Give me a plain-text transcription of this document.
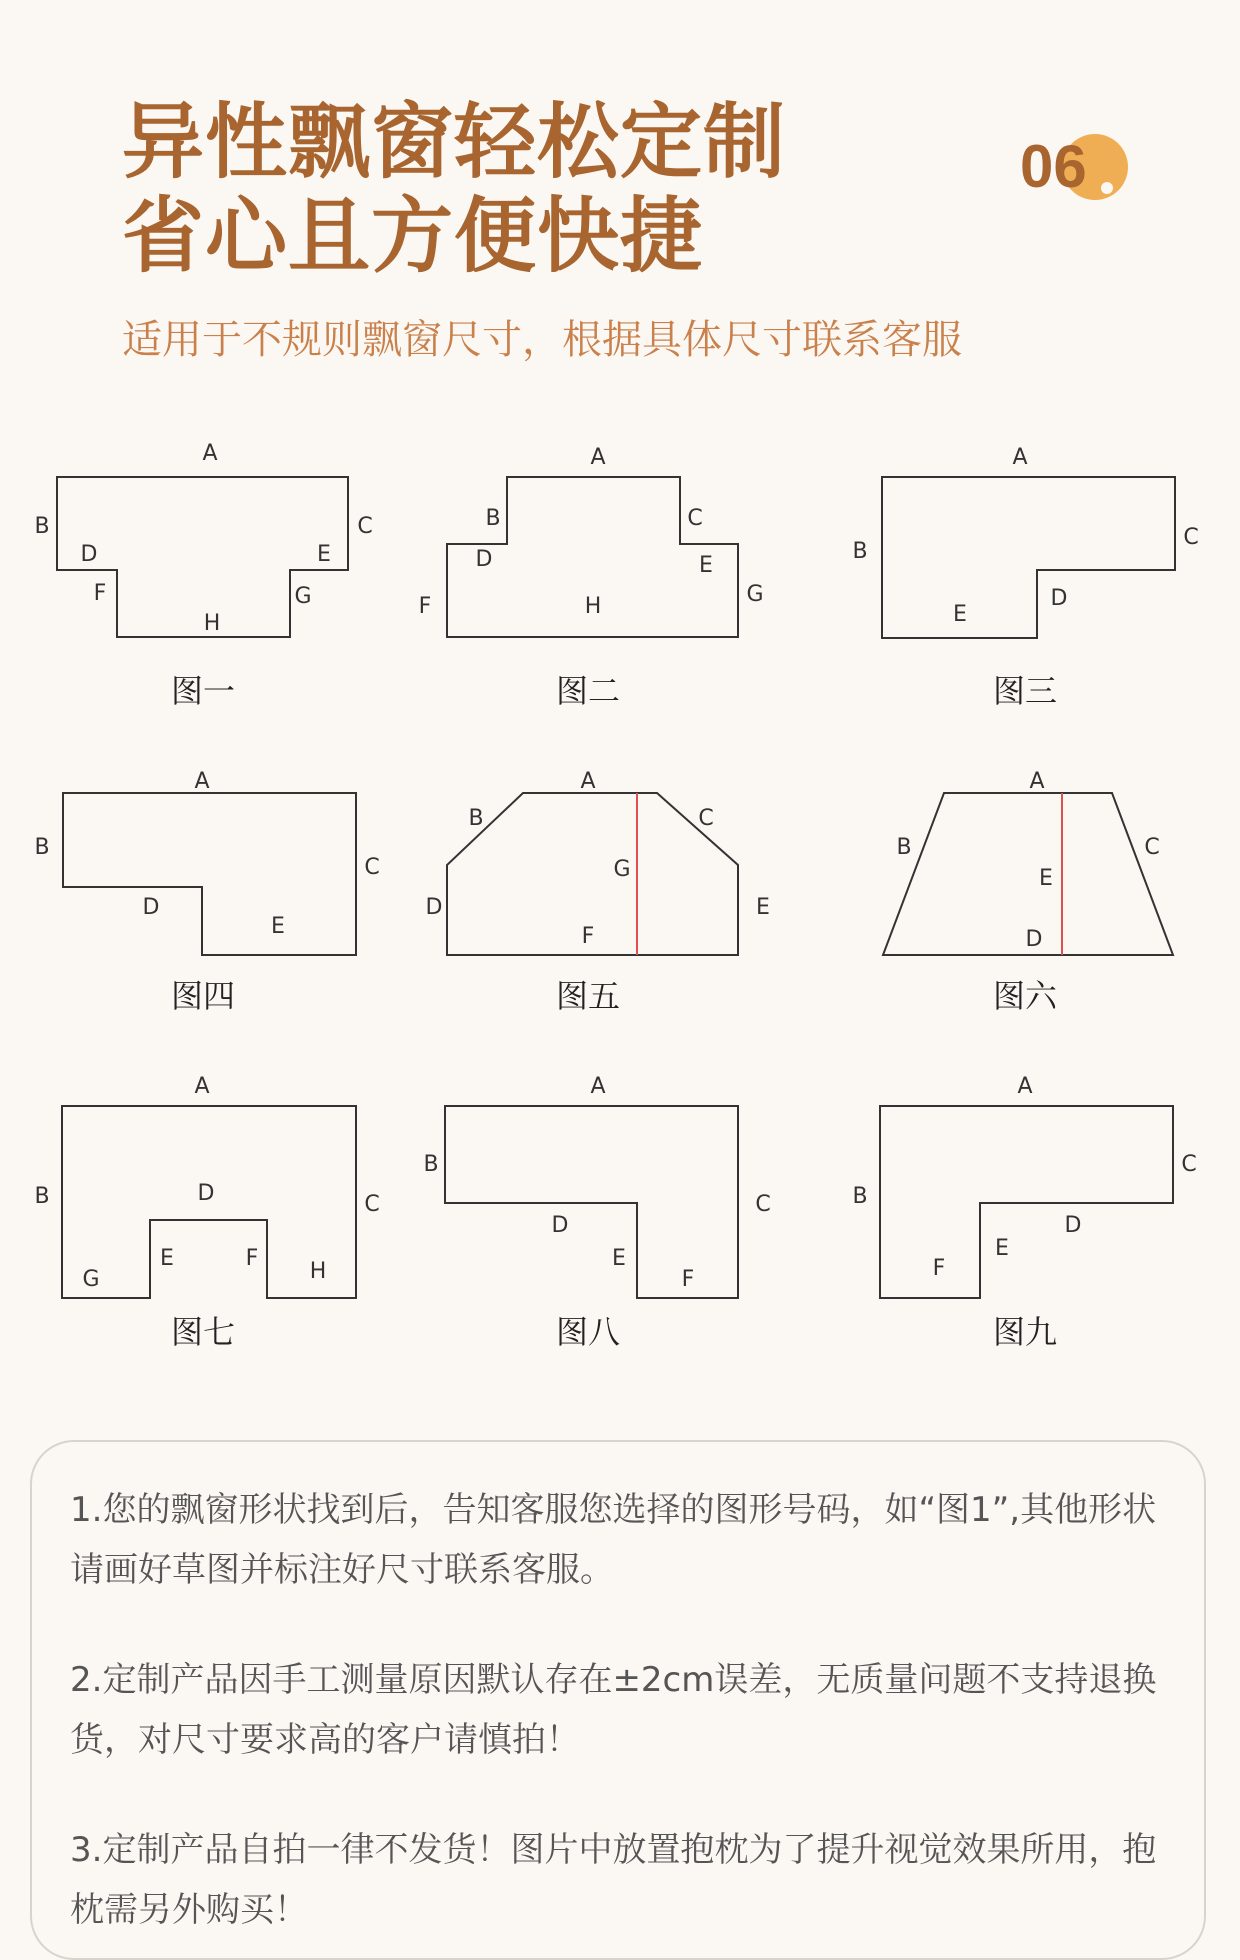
异性飘窗轻松定制
省心且方便快捷
06
适用于不规则飘窗尺寸，根据具体尺寸联系客服
A
B	C
D	E
F	G
H
A
B	C
D	E
F	G
H
A
B
C
D
E
A
B
C
D
E
A
B	C
D	E
F
G
A
B	C
D
E
A
B	C
D
E	F
G	H
A
B
C
D
E
F
A
B
C
D
E
F
图一	图二	图三
图四	图五	图六
图七	图八	图九
1.您的飘窗形状找到后，告知客服您选择的图形号码，如“图1”,其他形状请画好草图并标注好尺寸联系客服。
2.定制产品因手工测量原因默认存在±2cm误差，无质量问题不支持退换货，对尺寸要求高的客户请慎拍！
3.定制产品自拍一律不发货！图片中放置抱枕为了提升视觉效果所用，抱枕需另外购买！
